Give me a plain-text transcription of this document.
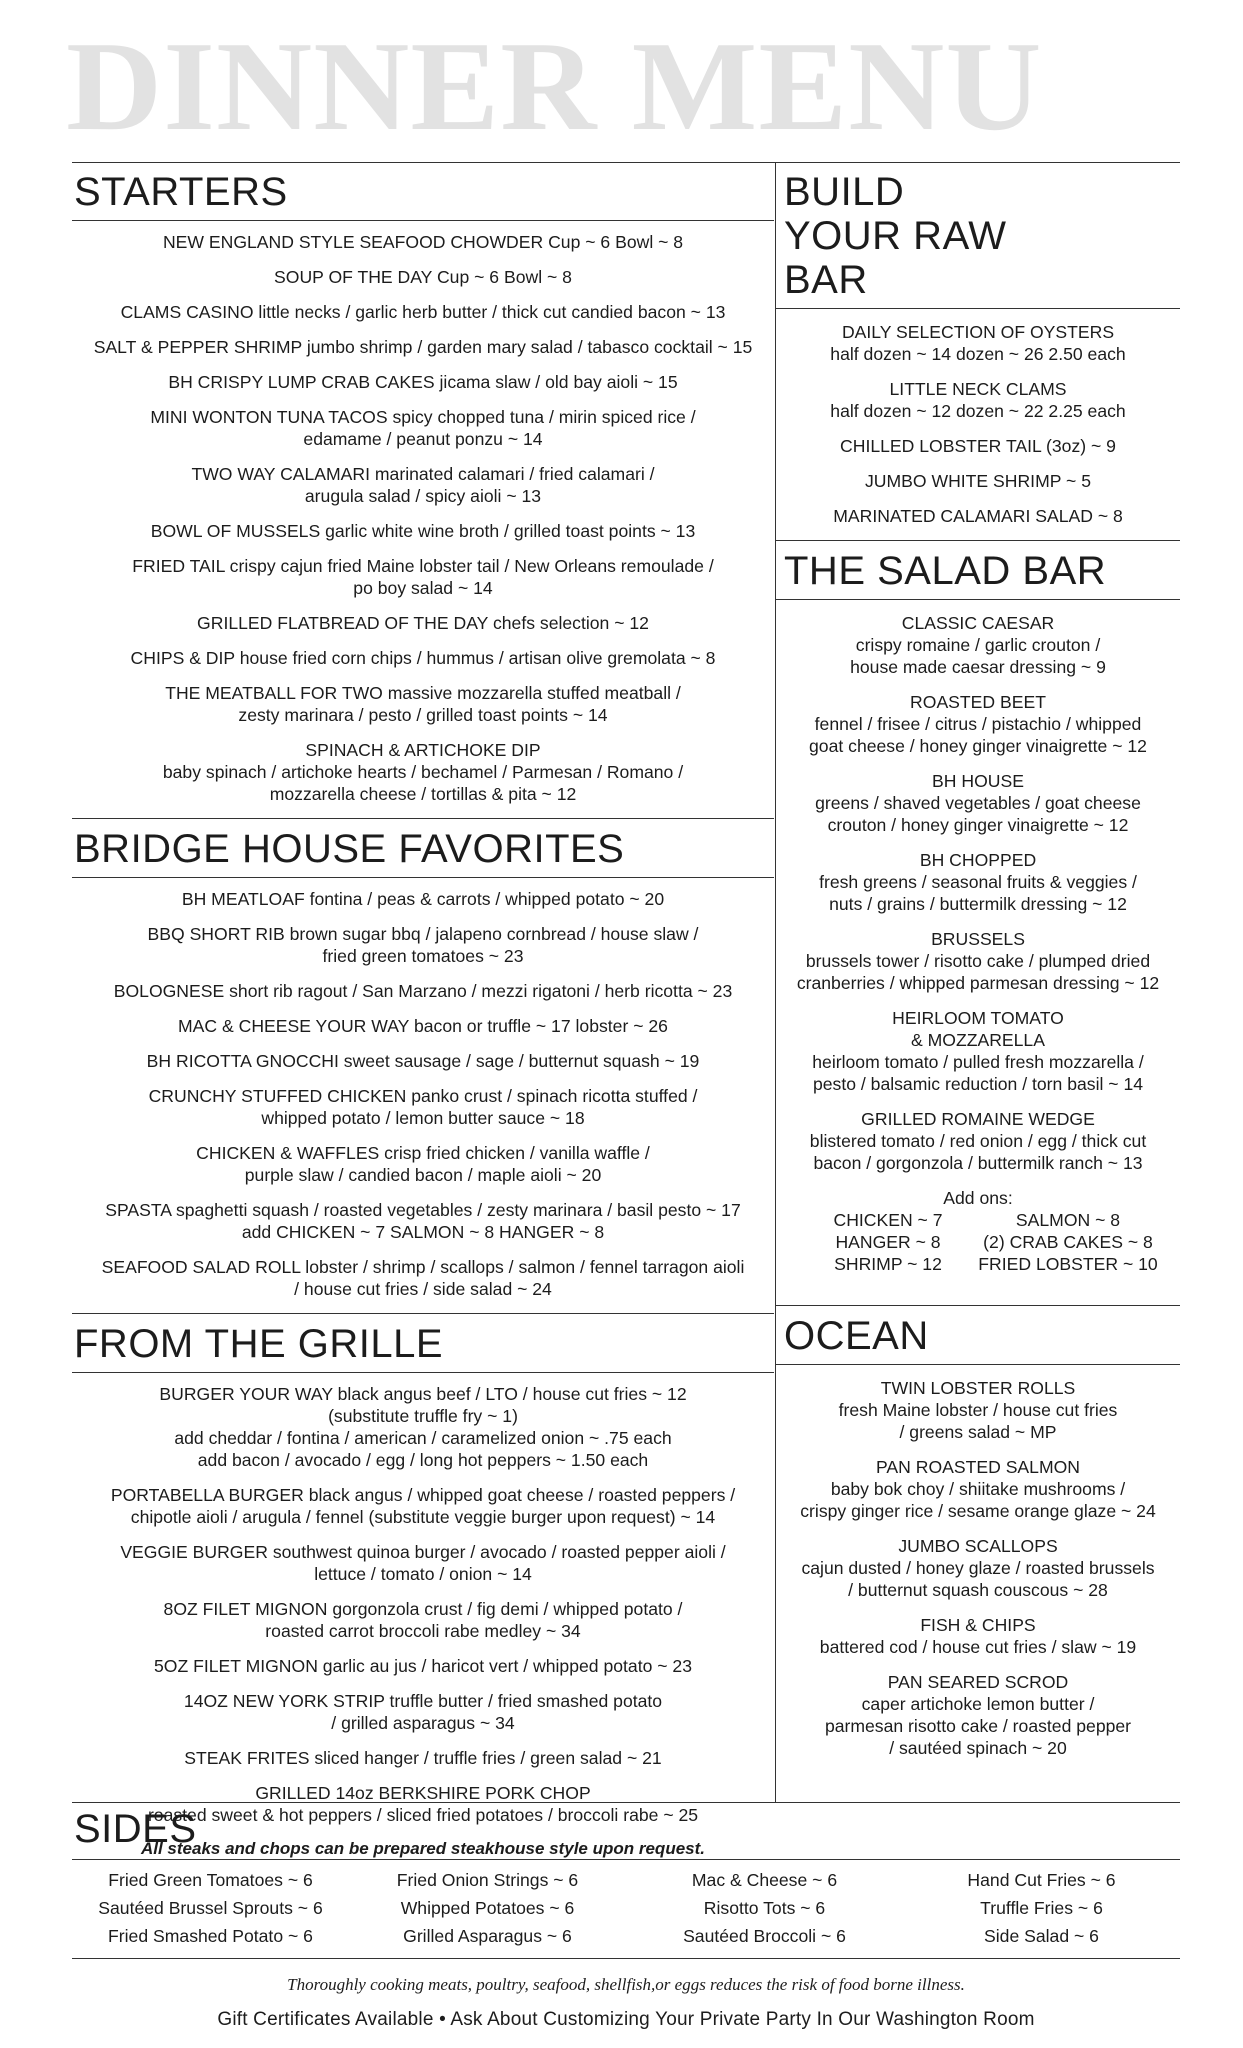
DINNER MENU
STARTERS
NEW ENGLAND STYLE SEAFOOD CHOWDER Cup ~ 6 Bowl ~ 8
SOUP OF THE DAY Cup ~ 6 Bowl ~ 8
CLAMS CASINO little necks / garlic herb butter / thick cut candied bacon ~ 13
SALT & PEPPER SHRIMP jumbo shrimp / garden mary salad / tabasco cocktail ~ 15
BH CRISPY LUMP CRAB CAKES jicama slaw / old bay aioli ~ 15
MINI WONTON TUNA TACOS spicy chopped tuna / mirin spiced rice /
edamame / peanut ponzu ~ 14
TWO WAY CALAMARI marinated calamari / fried calamari /
arugula salad / spicy aioli ~ 13
BOWL OF MUSSELS garlic white wine broth / grilled toast points ~ 13
FRIED TAIL crispy cajun fried Maine lobster tail / New Orleans remoulade /
po boy salad ~ 14
GRILLED FLATBREAD OF THE DAY chefs selection ~ 12
CHIPS & DIP house fried corn chips / hummus / artisan olive gremolata ~ 8
THE MEATBALL FOR TWO massive mozzarella stuffed meatball /
zesty marinara / pesto / grilled toast points ~ 14
SPINACH & ARTICHOKE DIP
baby spinach / artichoke hearts / bechamel / Parmesan / Romano /
mozzarella cheese / tortillas & pita ~ 12
BRIDGE HOUSE FAVORITES
BH MEATLOAF fontina / peas & carrots / whipped potato ~ 20
BBQ SHORT RIB brown sugar bbq / jalapeno cornbread / house slaw /
fried green tomatoes ~ 23
BOLOGNESE short rib ragout / San Marzano / mezzi rigatoni / herb ricotta ~ 23
MAC & CHEESE YOUR WAY bacon or truffle ~ 17 lobster ~ 26
BH RICOTTA GNOCCHI sweet sausage / sage / butternut squash ~ 19
CRUNCHY STUFFED CHICKEN panko crust / spinach ricotta stuffed /
whipped potato / lemon butter sauce ~ 18
CHICKEN & WAFFLES crisp fried chicken / vanilla waffle /
purple slaw / candied bacon / maple aioli ~ 20
SPASTA spaghetti squash / roasted vegetables / zesty marinara / basil pesto ~ 17
add CHICKEN ~ 7 SALMON ~ 8 HANGER ~ 8
SEAFOOD SALAD ROLL lobster / shrimp / scallops / salmon / fennel tarragon aioli
/ house cut fries / side salad ~ 24
FROM THE GRILLE
BURGER YOUR WAY black angus beef / LTO / house cut fries ~ 12
(substitute truffle fry ~ 1)
add cheddar / fontina / american / caramelized onion ~ .75 each
add bacon / avocado / egg / long hot peppers ~ 1.50 each
PORTABELLA BURGER black angus / whipped goat cheese / roasted peppers /
chipotle aioli / arugula / fennel (substitute veggie burger upon request) ~ 14
VEGGIE BURGER southwest quinoa burger / avocado / roasted pepper aioli /
lettuce / tomato / onion ~ 14
8OZ FILET MIGNON gorgonzola crust / fig demi / whipped potato /
roasted carrot broccoli rabe medley ~ 34
5OZ FILET MIGNON garlic au jus / haricot vert / whipped potato ~ 23
14OZ NEW YORK STRIP truffle butter / fried smashed potato
/ grilled asparagus ~ 34
STEAK FRITES sliced hanger / truffle fries / green salad ~ 21
GRILLED 14oz BERKSHIRE PORK CHOP
roasted sweet & hot peppers / sliced fried potatoes / broccoli rabe ~ 25
All steaks and chops can be prepared steakhouse style upon request.
BUILD YOUR RAW BAR
DAILY SELECTION OF OYSTERS
half dozen ~ 14 dozen ~ 26 2.50 each
LITTLE NECK CLAMS
half dozen ~ 12 dozen ~ 22 2.25 each
CHILLED LOBSTER TAIL (3oz) ~ 9
JUMBO WHITE SHRIMP ~ 5
MARINATED CALAMARI SALAD ~ 8
THE SALAD BAR
CLASSIC CAESAR
crispy romaine / garlic crouton /
house made caesar dressing ~ 9
ROASTED BEET
fennel / frisee / citrus / pistachio / whipped
goat cheese / honey ginger vinaigrette ~ 12
BH HOUSE
greens / shaved vegetables / goat cheese
crouton / honey ginger vinaigrette ~ 12
BH CHOPPED
fresh greens / seasonal fruits & veggies /
nuts / grains / buttermilk dressing ~ 12
BRUSSELS
brussels tower / risotto cake / plumped dried
cranberries / whipped parmesan dressing ~ 12
HEIRLOOM TOMATO
& MOZZARELLA
heirloom tomato / pulled fresh mozzarella /
pesto / balsamic reduction / torn basil ~ 14
GRILLED ROMAINE WEDGE
blistered tomato / red onion / egg / thick cut
bacon / gorgonzola / buttermilk ranch ~ 13
Add ons:
CHICKEN ~ 7	SALMON ~ 8
HANGER ~ 8	(2) CRAB CAKES ~ 8
SHRIMP ~ 12	FRIED LOBSTER ~ 10
OCEAN
TWIN LOBSTER ROLLS
fresh Maine lobster / house cut fries
/ greens salad ~ MP
PAN ROASTED SALMON
baby bok choy / shiitake mushrooms /
crispy ginger rice / sesame orange glaze ~ 24
JUMBO SCALLOPS
cajun dusted / honey glaze / roasted brussels
/ butternut squash couscous ~ 28
FISH & CHIPS
battered cod / house cut fries / slaw ~ 19
PAN SEARED SCROD
caper artichoke lemon butter /
parmesan risotto cake / roasted pepper
/ sautéed spinach ~ 20
SIDES
Fried Green Tomatoes ~ 6	Fried Onion Strings ~ 6	Mac & Cheese ~ 6	Hand Cut Fries ~ 6
Sautéed Brussel Sprouts ~ 6	Whipped Potatoes ~ 6	Risotto Tots ~ 6	Truffle Fries ~ 6
Fried Smashed Potato ~ 6	Grilled Asparagus ~ 6	Sautéed Broccoli ~ 6	Side Salad ~ 6
Thoroughly cooking meats, poultry, seafood, shellfish,or eggs reduces the risk of food borne illness.
Gift Certificates Available • Ask About Customizing Your Private Party In Our Washington Room
